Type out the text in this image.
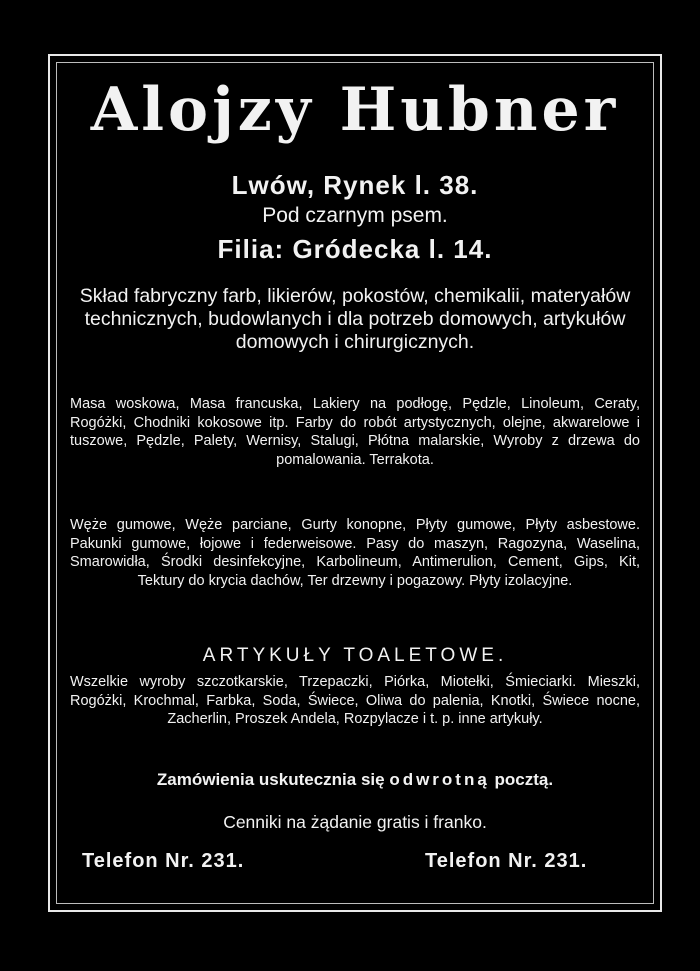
Alojzy Hubner
Lwów, Rynek l. 38.
Pod czarnym psem.
Filia: Gródecka l. 14.
Skład fabryczny farb, likierów, pokostów, chemikalii, materyałów technicznych, budowlanych i dla potrzeb domowych, artykułów domowych i chirurgicznych.
Masa woskowa, Masa francuska, Lakiery na podłogę, Pędzle, Linoleum, Ceraty, Rogóżki, Chodniki kokosowe itp. Farby do robót artystycznych, olejne, akwarelowe i tuszowe, Pędzle, Palety, Wernisy, Stalugi, Płótna malarskie, Wyroby z drzewa do pomalowania. Terrakota.
Węże gumowe, Węże parciane, Gurty konopne, Płyty gumowe, Płyty asbestowe. Pakunki gumowe, łojowe i federweisowe. Pasy do maszyn, Ragozyna, Waselina, Smarowidła, Środki desinfekcyjne, Karbolineum, Antimerulion, Cement, Gips, Kit, Tektury do krycia dachów, Ter drzewny i pogazowy. Płyty izolacyjne.
ARTYKUŁY TOALETOWE.
Wszelkie wyroby szczotkarskie, Trzepaczki, Piórka, Miotełki, Śmieciarki. Mieszki, Rogóżki, Krochmal, Farbka, Soda, Świece, Oliwa do palenia, Knotki, Świece nocne, Zacherlin, Proszek Andela, Rozpylacze i t. p. inne artykuły.
Zamówienia uskutecznia się odwrotną pocztą.
Cenniki na żądanie gratis i franko.
Telefon Nr. 231.	Telefon Nr. 231.
